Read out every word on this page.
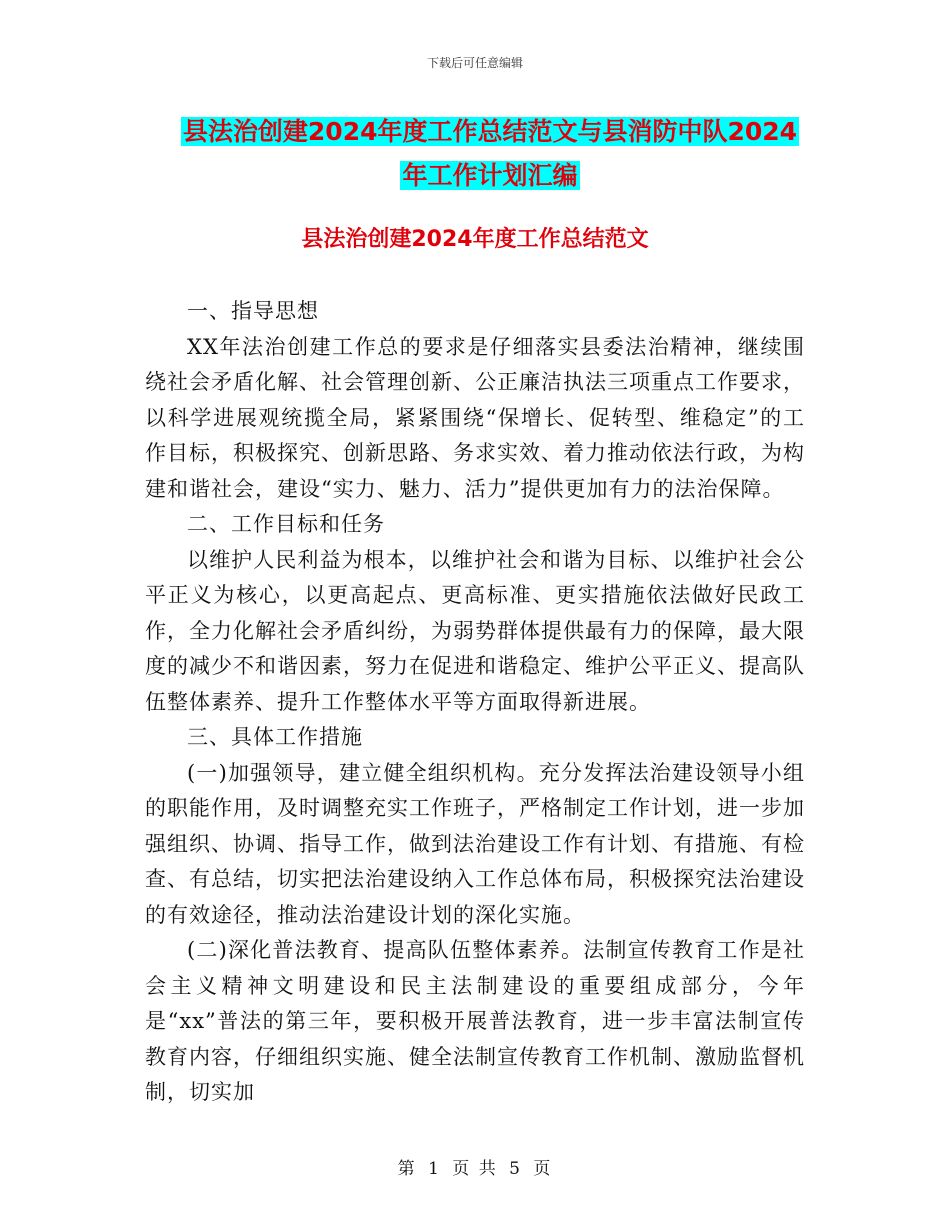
下载后可任意编辑
县法治创建2024年度工作总结范文与县消防中队2024
年工作计划汇编
县法治创建2024年度工作总结范文

一、指导思想

XX年法治创建工作总的要求是仔细落实县委法治精神，继续围绕社会矛盾化解、社会管理创新、公正廉洁执法三项重点工作要求，以科学进展观统揽全局，紧紧围绕“保增长、促转型、维稳定”的工作目标，积极探究、创新思路、务求实效、着力推动依法行政，为构建和谐社会，建设“实力、魅力、活力”提供更加有力的法治保障。

二、工作目标和任务

以维护人民利益为根本，以维护社会和谐为目标、以维护社会公平正义为核心，以更高起点、更高标准、更实措施依法做好民政工作，全力化解社会矛盾纠纷，为弱势群体提供最有力的保障，最大限度的减少不和谐因素，努力在促进和谐稳定、维护公平正义、提高队伍整体素养、提升工作整体水平等方面取得新进展。

三、具体工作措施

(一)加强领导，建立健全组织机构。充分发挥法治建设领导小组的职能作用，及时调整充实工作班子，严格制定工作计划，进一步加强组织、协调、指导工作，做到法治建设工作有计划、有措施、有检查、有总结，切实把法治建设纳入工作总体布局，积极探究法治建设的有效途径，推动法治建设计划的深化实施。

(二)深化普法教育、提高队伍整体素养。法制宣传教育工作是社会主义精神文明建设和民主法制建设的重要组成部分，今年是“xx”普法的第三年，要积极开展普法教育，进一步丰富法制宣传教育内容，仔细组织实施、健全法制宣传教育工作机制、激励监督机制，切实加

第 1 页 共 5 页
